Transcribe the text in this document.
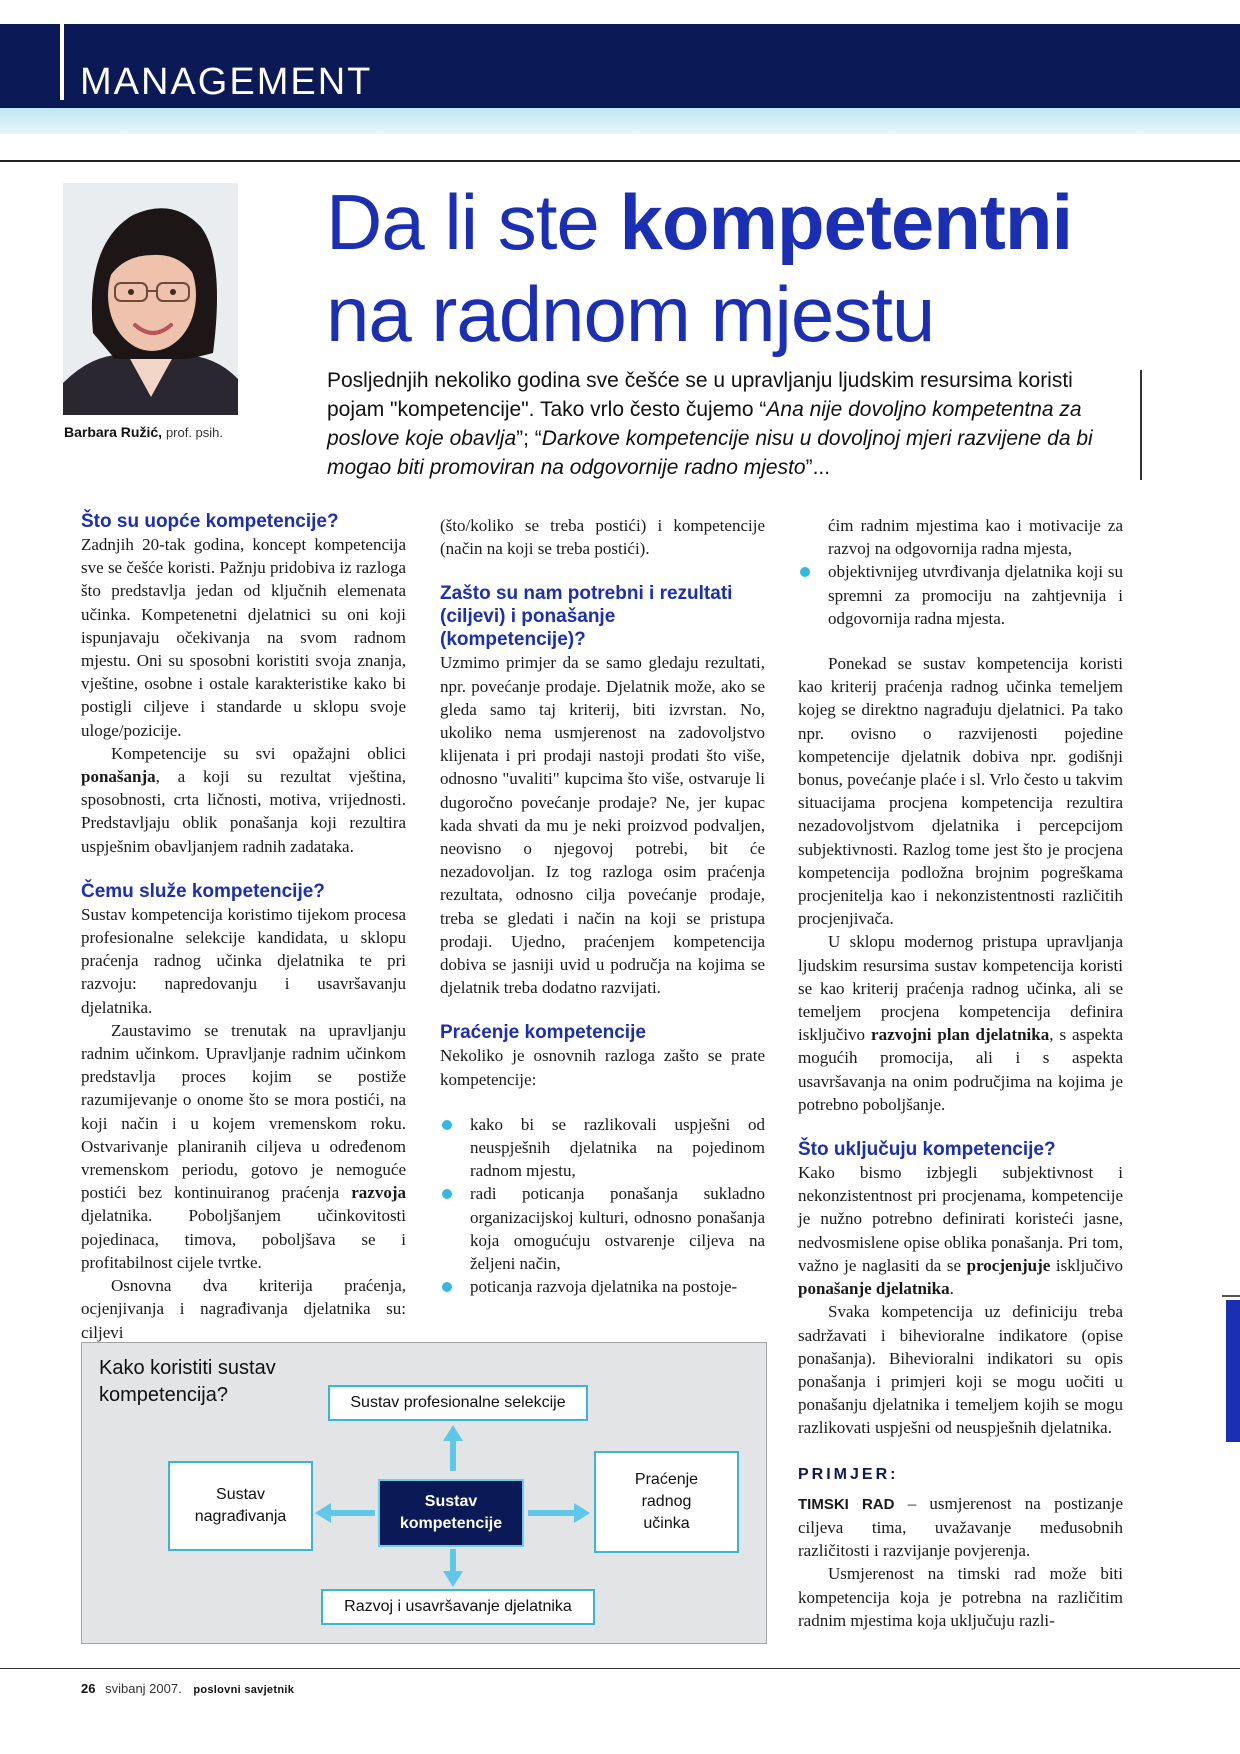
MANAGEMENT
Barbara Ružić, prof. psih.
Da li ste kompetentni
na radnom mjestu
Posljednjih nekoliko godina sve češće se u upravljanju ljudskim resursima koristi pojam "kompetencije". Tako vrlo često čujemo “Ana nije dovoljno kompetentna za poslove koje obavlja”; “Darkove kompetencije nisu u dovoljnoj mjeri razvijene da bi mogao biti promoviran na odgovornije radno mjesto”...
Što su uopće kompetencije?

Zadnjih 20-tak godina, koncept kompetencija sve se češće koristi. Pažnju pridobiva iz razloga što predstavlja jedan od ključnih elemenata učinka. Kompetenetni djelatnici su oni koji ispunjavaju očekivanja na svom radnom mjestu. Oni su sposobni koristiti svoja znanja, vještine, osobne i ostale karakteristike kako bi postigli ciljeve i standarde u sklopu svoje uloge/pozicije.

Kompetencije su svi opažajni oblici ponašanja, a koji su rezultat vještina, sposobnosti, crta ličnosti, motiva, vrijednosti. Predstavljaju oblik ponašanja koji rezultira uspješnim obavljanjem radnih zadataka.

Čemu služe kompetencije?

Sustav kompetencija koristimo tijekom procesa profesionalne selekcije kandidata, u sklopu praćenja radnog učinka djelatnika te pri razvoju: napredovanju i usavršavanju djelatnika.

Zaustavimo se trenutak na upravljanju radnim učinkom. Upravljanje radnim učinkom predstavlja proces kojim se postiže razumijevanje o onome što se mora postići, na koji način i u kojem vremenskom roku. Ostvarivanje planiranih ciljeva u određenom vremenskom periodu, gotovo je nemoguće postići bez kontinuiranog praćenja razvoja djelatnika. Poboljšanjem učinkovitosti pojedinaca, timova, poboljšava se i profitabilnost cijele tvrtke.

Osnovna dva kriterija praćenja, ocjenjivanja i nagrađivanja djelatnika su: ciljevi

(što/koliko se treba postići) i kompetencije (način na koji se treba postići).

Zašto su nam potrebni i rezultati (ciljevi) i ponašanje (kompetencije)?

Uzmimo primjer da se samo gledaju rezultati, npr. povećanje prodaje. Djelatnik može, ako se gleda samo taj kriterij, biti izvrstan. No, ukoliko nema usmjerenost na zadovoljstvo klijenata i pri prodaji nastoji prodati što više, odnosno "uvaliti" kupcima što više, ostvaruje li dugoročno povećanje prodaje? Ne, jer kupac kada shvati da mu je neki proizvod podvaljen, neovisno o njegovoj potrebi, bit će nezadovoljan. Iz tog razloga osim praćenja rezultata, odnosno cilja povećanje prodaje, treba se gledati i način na koji se pristupa prodaji. Ujedno, praćenjem kompetencija dobiva se jasniji uvid u područja na kojima se djelatnik treba dodatno razvijati.

Praćenje kompetencije

Nekoliko je osnovnih razloga zašto se prate kompetencije:

kako bi se razlikovali uspješni od neuspješnih djelatnika na pojedinom radnom mjestu,
radi poticanja ponašanja sukladno organizacijskoj kulturi, odnosno ponašanja koja omogućuju ostvarenje ciljeva na željeni način,
poticanja razvoja djelatnika na postoje-
ćim radnim mjestima kao i motivacije za razvoj na odgovornija radna mjesta,
objektivnijeg utvrđivanja djelatnika koji su spremni za promociju na zahtjevnija i odgovornija radna mjesta.

Ponekad se sustav kompetencija koristi kao kriterij praćenja radnog učinka temeljem kojeg se direktno nagrađuju djelatnici. Pa tako npr. ovisno o razvijenosti pojedine kompetencije djelatnik dobiva npr. godišnji bonus, povećanje plaće i sl. Vrlo često u takvim situacijama procjena kompetencija rezultira nezadovoljstvom djelatnika i percepcijom subjektivnosti. Razlog tome jest što je procjena kompetencija podložna brojnim pogreškama procjenitelja kao i nekonzistentnosti različitih procjenjivača.

U sklopu modernog pristupa upravljanja ljudskim resursima sustav kompetencija koristi se kao kriterij praćenja radnog učinka, ali se temeljem procjena kompetencija definira isključivo razvojni plan djelatnika, s aspekta mogućih promocija, ali i s aspekta usavršavanja na onim područjima na kojima je potrebno poboljšanje.

Što uključuju kompetencije?

Kako bismo izbjegli subjektivnost i nekonzistentnost pri procjenama, kompetencije je nužno potrebno definirati koristeći jasne, nedvosmislene opise oblika ponašanja. Pri tom, važno je naglasiti da se procjenjuje isključivo ponašanje djelatnika.

Svaka kompetencija uz definiciju treba sadržavati i bihevioralne indikatore (opise ponašanja). Bihevioralni indikatori su opis ponašanja i primjeri koji se mogu uočiti u ponašanju djelatnika i temeljem kojih se mogu razlikovati uspješni od neuspješnih djelatnika.

PRIMJER:

TIMSKI RAD – usmjerenost na postizanje ciljeva tima, uvažavanje međusobnih različitosti i razvijanje povjerenja.

Usmjerenost na timski rad može biti kompetencija koja je potrebna na različitim radnim mjestima koja uključuju razli-

Kako koristiti sustav kompetencija?	Sustav profesionalne selekcije
Razvoj i usavršavanje djelatnika
Sustav nagrađivanja
Praćenje radnog učinka
Sustav kompetencije
26 svibanj 2007. poslovni savjetnik
